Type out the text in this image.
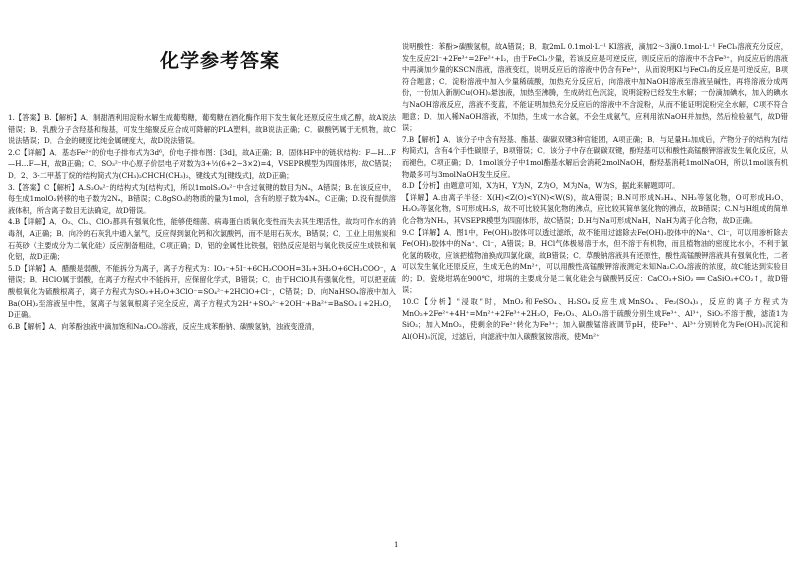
化学参考答案

1.【答案】B.【解析】A．制甜酒利用淀粉水解生成葡萄糖，葡萄糖在酒化酶作用下发生氧化还原反应生成乙醇，故A说法错误；B．乳酸分子含羟基和羧基，可发生缩聚反应合成可降解的PLA塑料，故B说法正确；C．碳酸钙属于无机物，故C说法错误；D．合金的硬度比纯金属硬度大，故D说法错误。

2.C【详解】A．基态Fe²⁺的价电子排布式为3d⁶，价电子排布图：[3d]，故A正确；B．固体HF中的链状结构：F—H…F—H…F—H，故B正确；C．SO₃²⁻中心原子价层电子对数为3+½(6+2−3×2)=4，VSEPR模型为四面体形，故C错误；D．2、3-二甲基丁烷的结构简式为(CH₃)₂CHCH(CH₃)₂，键线式为[键线式]，故D正确；

3.【答案】C【解析】A.S₂O₈²⁻的结构式为[结构式]，所以1molS₂O₈²⁻中含过氧键的数目为Nₐ，A错误；B.在该反应中，每生成1molO₂转移的电子数为2Nₐ，B错误；C.8gSO₃的物质的量为1mol，含有的原子数为4Nₐ，C正确；D.没有提供溶液体积，所含离子数目无法确定，故D错误。

4.B【详解】A．O₃、Cl₂、ClO₂都具有强氧化性，能够使细菌、病毒蛋白质氧化变性而失去其生理活性，故均可作水的消毒剂，A正确；B．向冷的石灰乳中通入氯气，反应得到氯化钙和次氯酸钙，而不是用石灰水，B错误；C．工业上用焦炭和石英砂（主要成分为二氧化硅）反应制备粗硅，C项正确；D．铝的金属性比铁强，铝热反应是铝与氧化铁反应生成铁和氧化铝，故D正确；

5.D【详解】A．醋酸是弱酸，不能拆分为离子，离子方程式为：IO₃⁻+5I⁻+6CH₃COOH=3I₂+3H₂O+6CH₃COO⁻，A错误；B．HClO属于弱酸，在离子方程式中不能拆开，应保留化学式，B错误；C．由于HClO具有强氧化性，可以把亚硫酸根氧化为硫酸根离子，离子方程式为SO₂+H₂O+3ClO⁻=SO₄²⁻+2HClO+Cl⁻，C错误；D．向NaHSO₄溶液中加入Ba(OH)₂至溶液呈中性，氢离子与氢氧根离子完全反应，离子方程式为2H⁺+SO₄²⁻+2OH⁻+Ba²⁺=BaSO₄↓+2H₂O，D正确。

6.B【解析】A．向苯酚浊液中滴加饱和Na₂CO₃溶液，反应生成苯酚钠、碳酸氢钠，浊液变澄清，

说明酸性：苯酚>碳酸氢根，故A错误；B．取2mL 0.1mol·L⁻¹ KI溶液，滴加2～3滴0.1mol·L⁻¹ FeCl₃溶液充分反应，发生反应2I⁻+2Fe³⁺=2Fe²⁺+I₂，由于FeCl₃少量，若该反应是可逆反应，则反应后的溶液中不含Fe³⁺，向反应后的溶液中再滴加少量的KSCN溶液，溶液变红，说明反应后的溶液中仍含有Fe³⁺，从而说明KI与FeCl₃的反应是可逆反应，B项符合题意；C．淀粉溶液中加入少量稀硫酸，加热充分反应后，向溶液中加NaOH溶液至溶液呈碱性，再将溶液分成两份，一份加入新制Cu(OH)₂悬浊液，加热至沸腾，生成砖红色沉淀，说明淀粉已经发生水解；一份滴加碘水，加入的碘水与NaOH溶液反应，溶液不变蓝，不能证明加热充分反应后的溶液中不含淀粉，从而不能证明淀粉完全水解，C项不符合题意；D．加入稀NaOH溶液，不加热，生成一水合氨，不会生成氨气，应利用浓NaOH并加热，然后检验氨气，故D错误；

7.B【解析】A．该分子中含有羟基、酯基、碳碳双键3种官能团，A项正确；B．与足量H₂加成后，产物分子的结构为[结构简式]，含有4个手性碳原子，B项错误；C．该分子中存在碳碳双键，酚羟基可以和酸性高锰酸钾溶液发生氧化反应，从而褪色，C项正确；D．1mol该分子中1mol酯基水解后会消耗2molNaOH，酚羟基消耗1molNaOH，所以1mol该有机物最多可与3molNaOH发生反应。

8.D【分析】由题意可知，X为H，Y为N，Z为O，M为Na，W为S，据此来解题即可。

【详解】A.由离子半径：X(H)<Z(O)<Y(N)<W(S)，故A错误；B.N可形成N₂H₄、NH₃等氢化物，O可形成H₂O、H₂O₂等氢化物，S可形成H₂S，故不可比较其氢化物的沸点，应比较其简单氢化物的沸点，故B错误；C.N与H组成的简单化合物为NH₃，其VSEPR模型为四面体形，故C错误；D.H与Na可形成NaH，NaH为离子化合物，故D正确。

9.C【详解】A．图1中，Fe(OH)₃胶体可以透过滤纸，故不能用过滤除去Fe(OH)₃胶体中的Na⁺、Cl⁻，可以用渗析除去Fe(OH)₃胶体中的Na⁺、Cl⁻，A错误；B．HCl气体极易溶于水，但不溶于有机物，而且植物油的密度比水小，不利于氯化氢的吸收，应该把植物油换成四氯化碳，故B错误；C．草酸钠溶液具有还原性，酸性高锰酸钾溶液具有强氧化性，二者可以发生氧化还原反应，生成无色的Mn²⁺，可以用酸性高锰酸钾溶液测定未知Na₂C₂O₄溶液的浓度，故C能达到实验目的；D．瓷烧坩埚在900℃，坩埚的主要成分是二氧化硅会与碳酸钙反应：CaCO₃+SiO₂ ══ CaSiO₃+CO₂↑，故D错误；

10.C【分析】"浸取"时，MnO₂和FeSO₄、H₂SO₄反应生成MnSO₄、Fe₂(SO₄)₃，反应的离子方程式为MnO₂+2Fe²⁺+4H⁺=Mn²⁺+2Fe³⁺+2H₂O，Fe₂O₃、Al₂O₃溶于硫酸分别生成Fe³⁺、Al³⁺，SiO₂不溶于酸，滤渣1为SiO₂；加入MnO₂，使剩余的Fe²⁺转化为Fe³⁺；加入碳酸锰溶液调节pH，使Fe³⁺、Al³⁺分别转化为Fe(OH)₃沉淀和Al(OH)₃沉淀，过滤后，向滤液中加入碳酸氢铵溶液，使Mn²⁺

1
